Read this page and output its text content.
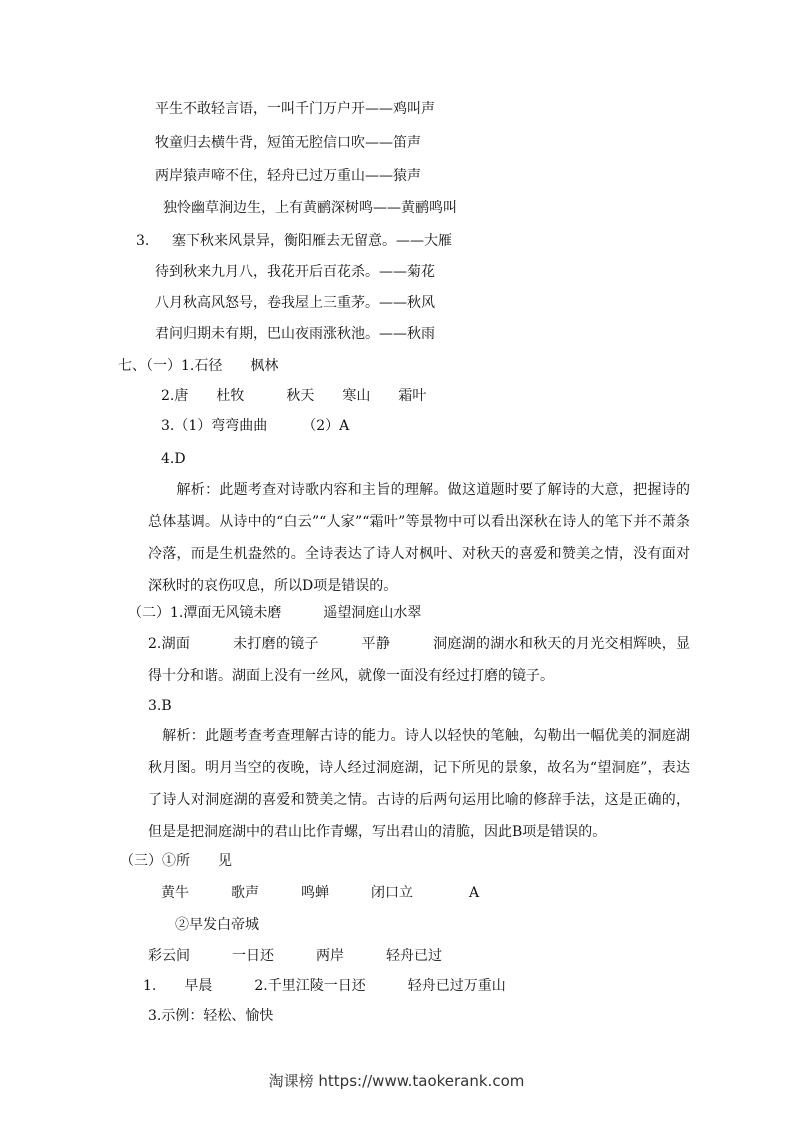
平生不敢轻言语，一叫千门万户开——鸡叫声
牧童归去横牛背，短笛无腔信口吹——笛声
两岸猿声啼不住，轻舟已过万重山——猿声
独怜幽草涧边生，上有黄鹂深树鸣——黄鹂鸣叫
3. 塞下秋来风景异，衡阳雁去无留意。——大雁
待到秋来九月八，我花开后百花杀。——菊花
八月秋高风怒号，卷我屋上三重茅。——秋风
君问归期未有期，巴山夜雨涨秋池。——秋雨
七、（一）1.石径　　枫林
2.唐　　杜牧　　　秋天　　寒山　　霜叶
3.（1）弯弯曲曲　　　（2）A
4.D
　　解析：此题考查对诗歌内容和主旨的理解。做这道题时要了解诗的大意，把握诗的总体基调。从诗中的“白云”“人家”“霜叶”等景物中可以看出深秋在诗人的笔下并不萧条冷落，而是生机盎然的。全诗表达了诗人对枫叶、对秋天的喜爱和赞美之情，没有面对深秋时的哀伤叹息，所以D项是错误的。
（二）1.潭面无风镜未磨　　　遥望洞庭山水翠
2.湖面　　　未打磨的镜子　　　平静　　　洞庭湖的湖水和秋天的月光交相辉映，显得十分和谐。湖面上没有一丝风，就像一面没有经过打磨的镜子。
3.B
　解析：此题考查考查理解古诗的能力。诗人以轻快的笔触，勾勒出一幅优美的洞庭湖秋月图。明月当空的夜晚，诗人经过洞庭湖，记下所见的景象，故名为“望洞庭”，表达了诗人对洞庭湖的喜爱和赞美之情。古诗的后两句运用比喻的修辞手法，这是正确的，但是是把洞庭湖中的君山比作青螺，写出君山的清脆，因此B项是错误的。
（三）①所　　见
黄牛　　　歌声　　　鸣蝉　　　闭口立　　　　A
②早发白帝城
彩云间　　　一日还　　　两岸　　　轻舟已过
1.　　早晨　　　2.千里江陵一日还　　　轻舟已过万重山
3.示例：轻松、愉快
淘课榜 https://www.taokerank.com
